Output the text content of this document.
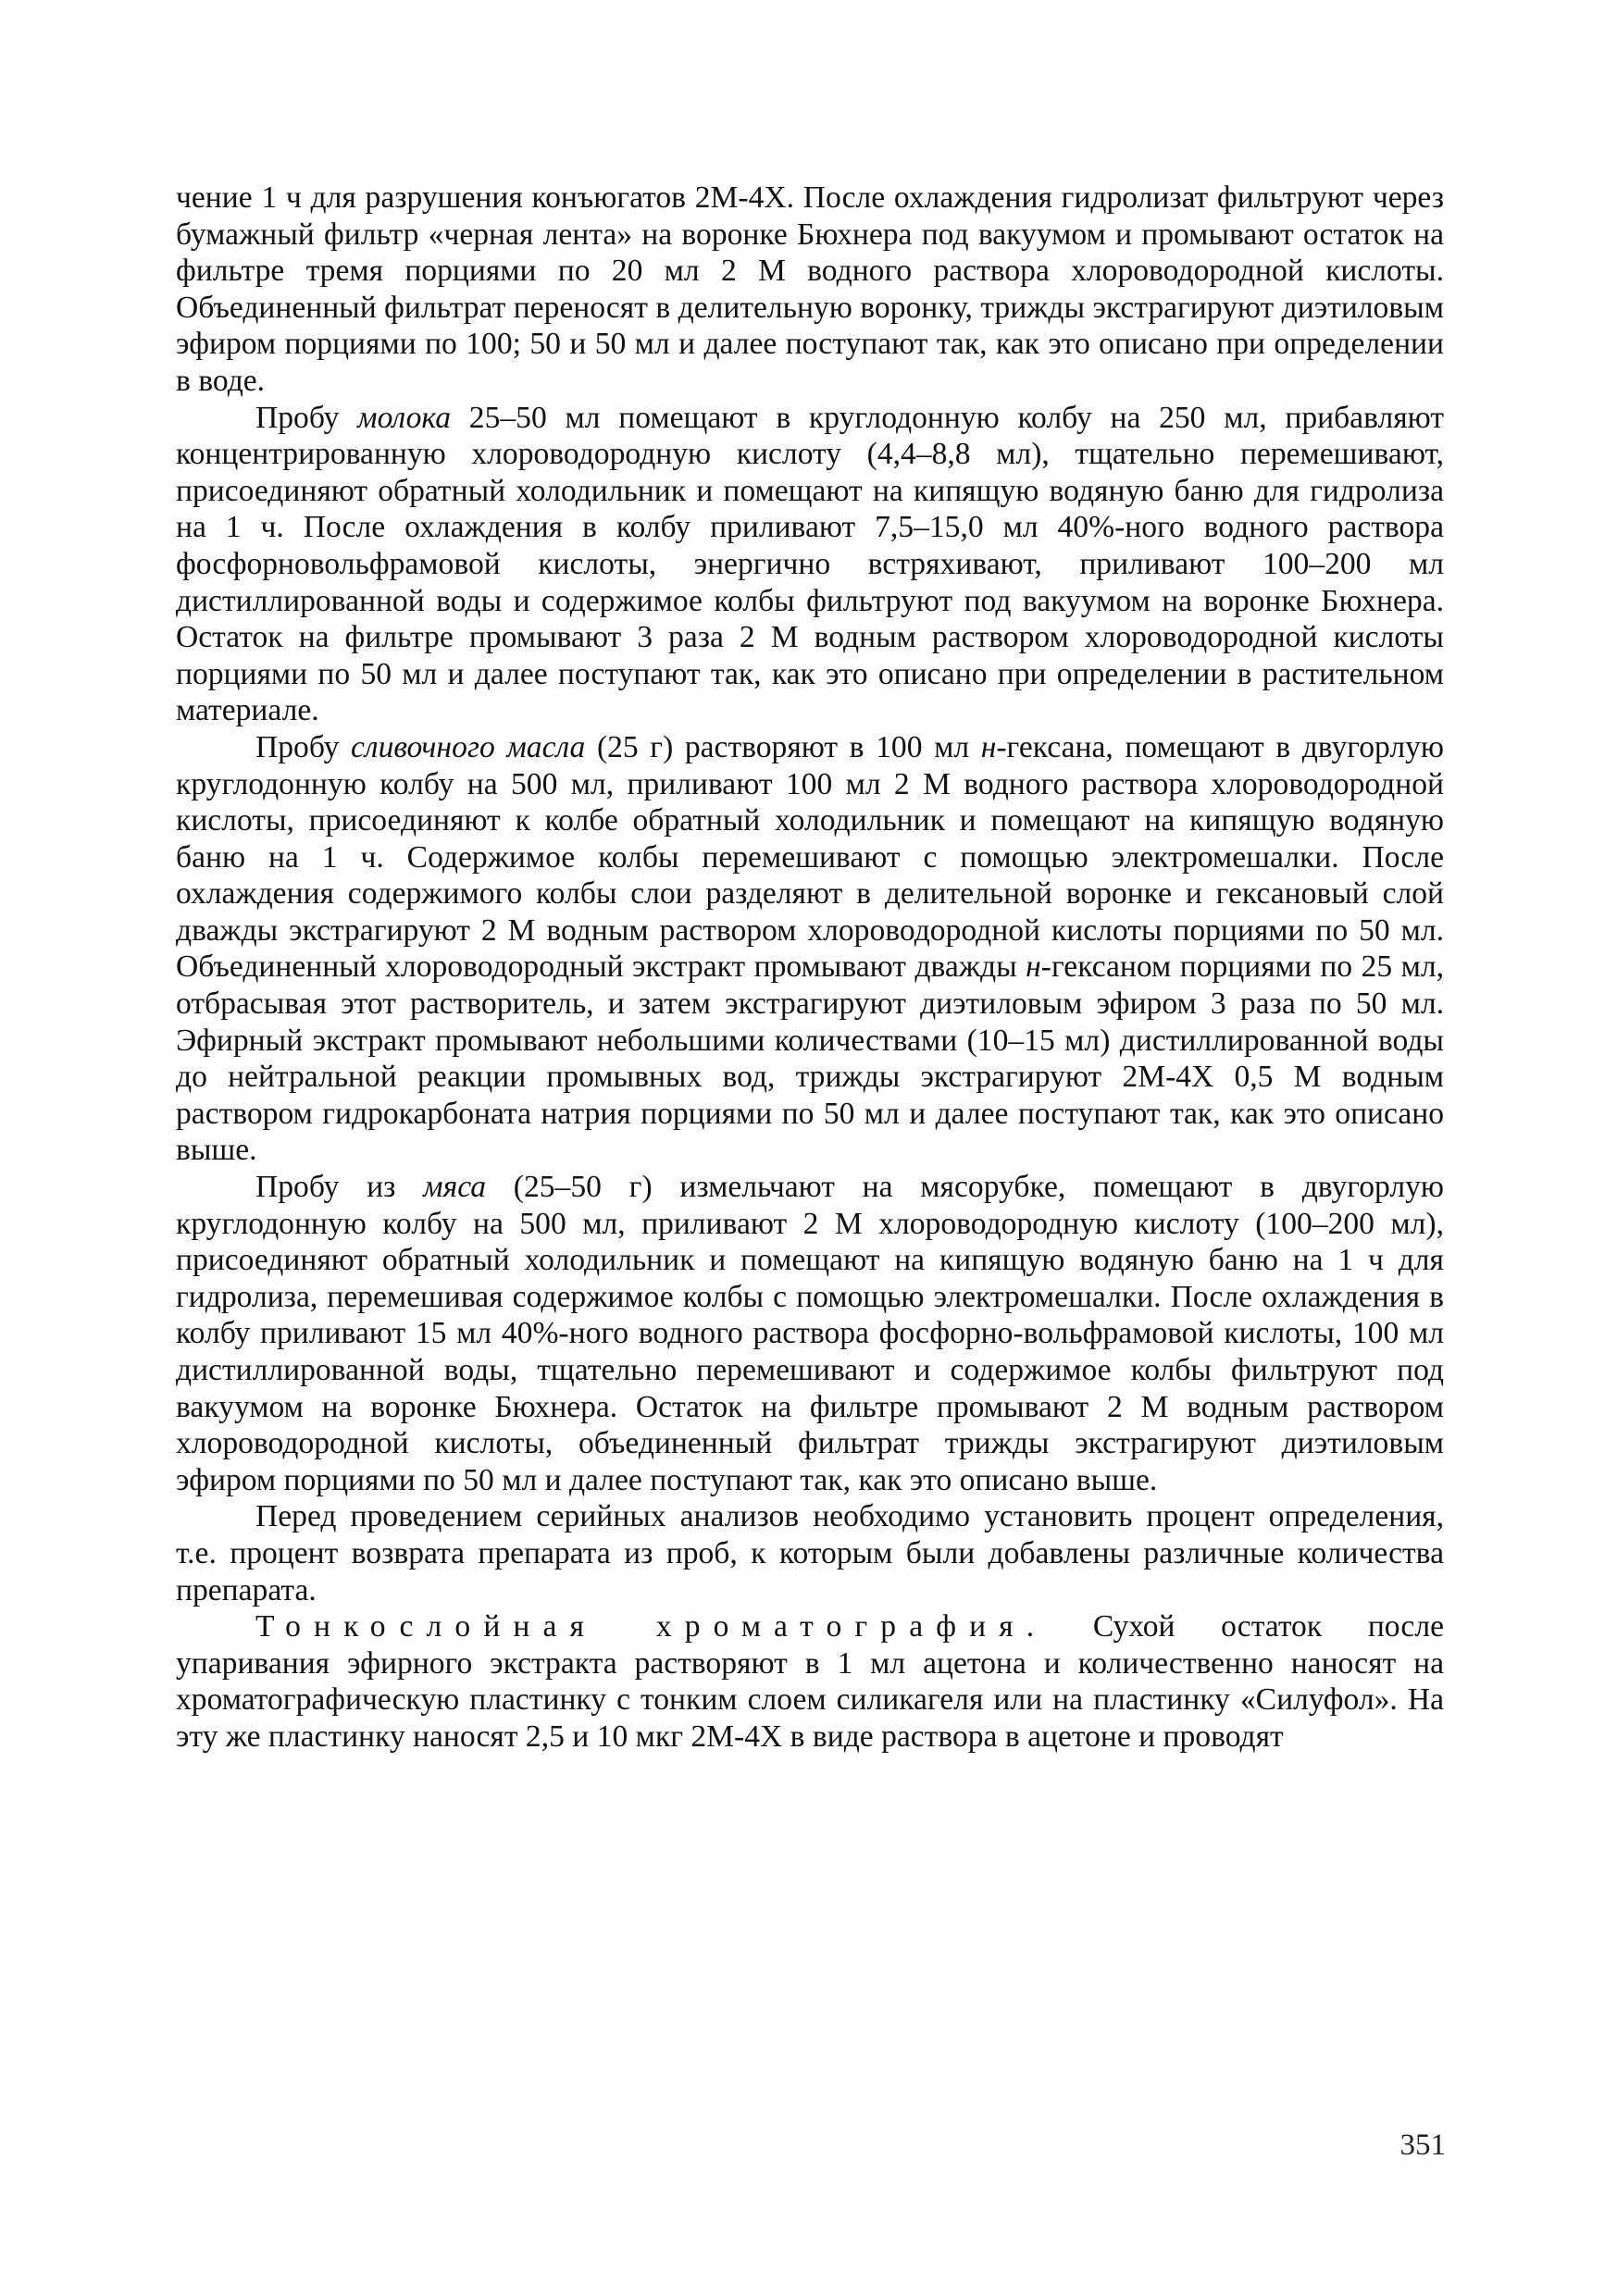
чение 1 ч для разрушения конъюгатов 2М-4Х. После охлаждения гидролизат фильтруют через бумажный фильтр «черная лента» на воронке Бюхнера под вакуумом и промывают остаток на фильтре тремя порциями по 20 мл 2 М водного раствора хлороводородной кислоты. Объединенный фильтрат переносят в делительную воронку, трижды экстрагируют диэтиловым эфиром порциями по 100; 50 и 50 мл и далее поступают так, как это описано при определении в воде.

Пробу молока 25–50 мл помещают в круглодонную колбу на 250 мл, прибавляют концентрированную хлороводородную кислоту (4,4–8,8 мл), тщательно перемешивают, присоединяют обратный холодильник и помещают на кипящую водяную баню для гидролиза на 1 ч. После охлаждения в колбу приливают 7,5–15,0 мл 40%-ного водного раствора фосфорновольфрамовой кислоты, энергично встряхивают, приливают 100–200 мл дистиллированной воды и содержимое колбы фильтруют под вакуумом на воронке Бюхнера. Остаток на фильтре промывают 3 раза 2 М водным раствором хлороводородной кислоты порциями по 50 мл и далее поступают так, как это описано при определении в растительном материале.

Пробу сливочного масла (25 г) растворяют в 100 мл н-гексана, помещают в двугорлую круглодонную колбу на 500 мл, приливают 100 мл 2 М водного раствора хлороводородной кислоты, присоединяют к колбе обратный холодильник и помещают на кипящую водяную баню на 1 ч. Содержимое колбы перемешивают с помощью электромешалки. После охлаждения содержимого колбы слои разделяют в делительной воронке и гексановый слой дважды экстрагируют 2 М водным раствором хлороводородной кислоты порциями по 50 мл. Объединенный хлороводородный экстракт промывают дважды н-гексаном порциями по 25 мл, отбрасывая этот растворитель, и затем экстрагируют диэтиловым эфиром 3 раза по 50 мл. Эфирный экстракт промывают небольшими количествами (10–15 мл) дистиллированной воды до нейтральной реакции промывных вод, трижды экстрагируют 2М-4Х 0,5 М водным раствором гидрокарбоната натрия порциями по 50 мл и далее поступают так, как это описано выше.

Пробу из мяса (25–50 г) измельчают на мясорубке, помещают в двугорлую круглодонную колбу на 500 мл, приливают 2 М хлороводородную кислоту (100–200 мл), присоединяют обратный холодильник и помещают на кипящую водяную баню на 1 ч для гидролиза, перемешивая содержимое колбы с помощью электромешалки. После охлаждения в колбу приливают 15 мл 40%-ного водного раствора фосфорно-вольфрамовой кислоты, 100 мл дистиллированной воды, тщательно перемешивают и содержимое колбы фильтруют под вакуумом на воронке Бюхнера. Остаток на фильтре промывают 2 М водным раствором хлороводородной кислоты, объединенный фильтрат трижды экстрагируют диэтиловым эфиром порциями по 50 мл и далее поступают так, как это описано выше.

Перед проведением серийных анализов необходимо установить процент определения, т.е. процент возврата препарата из проб, к которым были добавлены различные количества препарата.

Тонкослойная хроматография. Сухой остаток после упаривания эфирного экстракта растворяют в 1 мл ацетона и количественно наносят на хроматографическую пластинку с тонким слоем силикагеля или на пластинку «Силуфол». На эту же пластинку наносят 2,5 и 10 мкг 2М-4Х в виде раствора в ацетоне и проводят

351
